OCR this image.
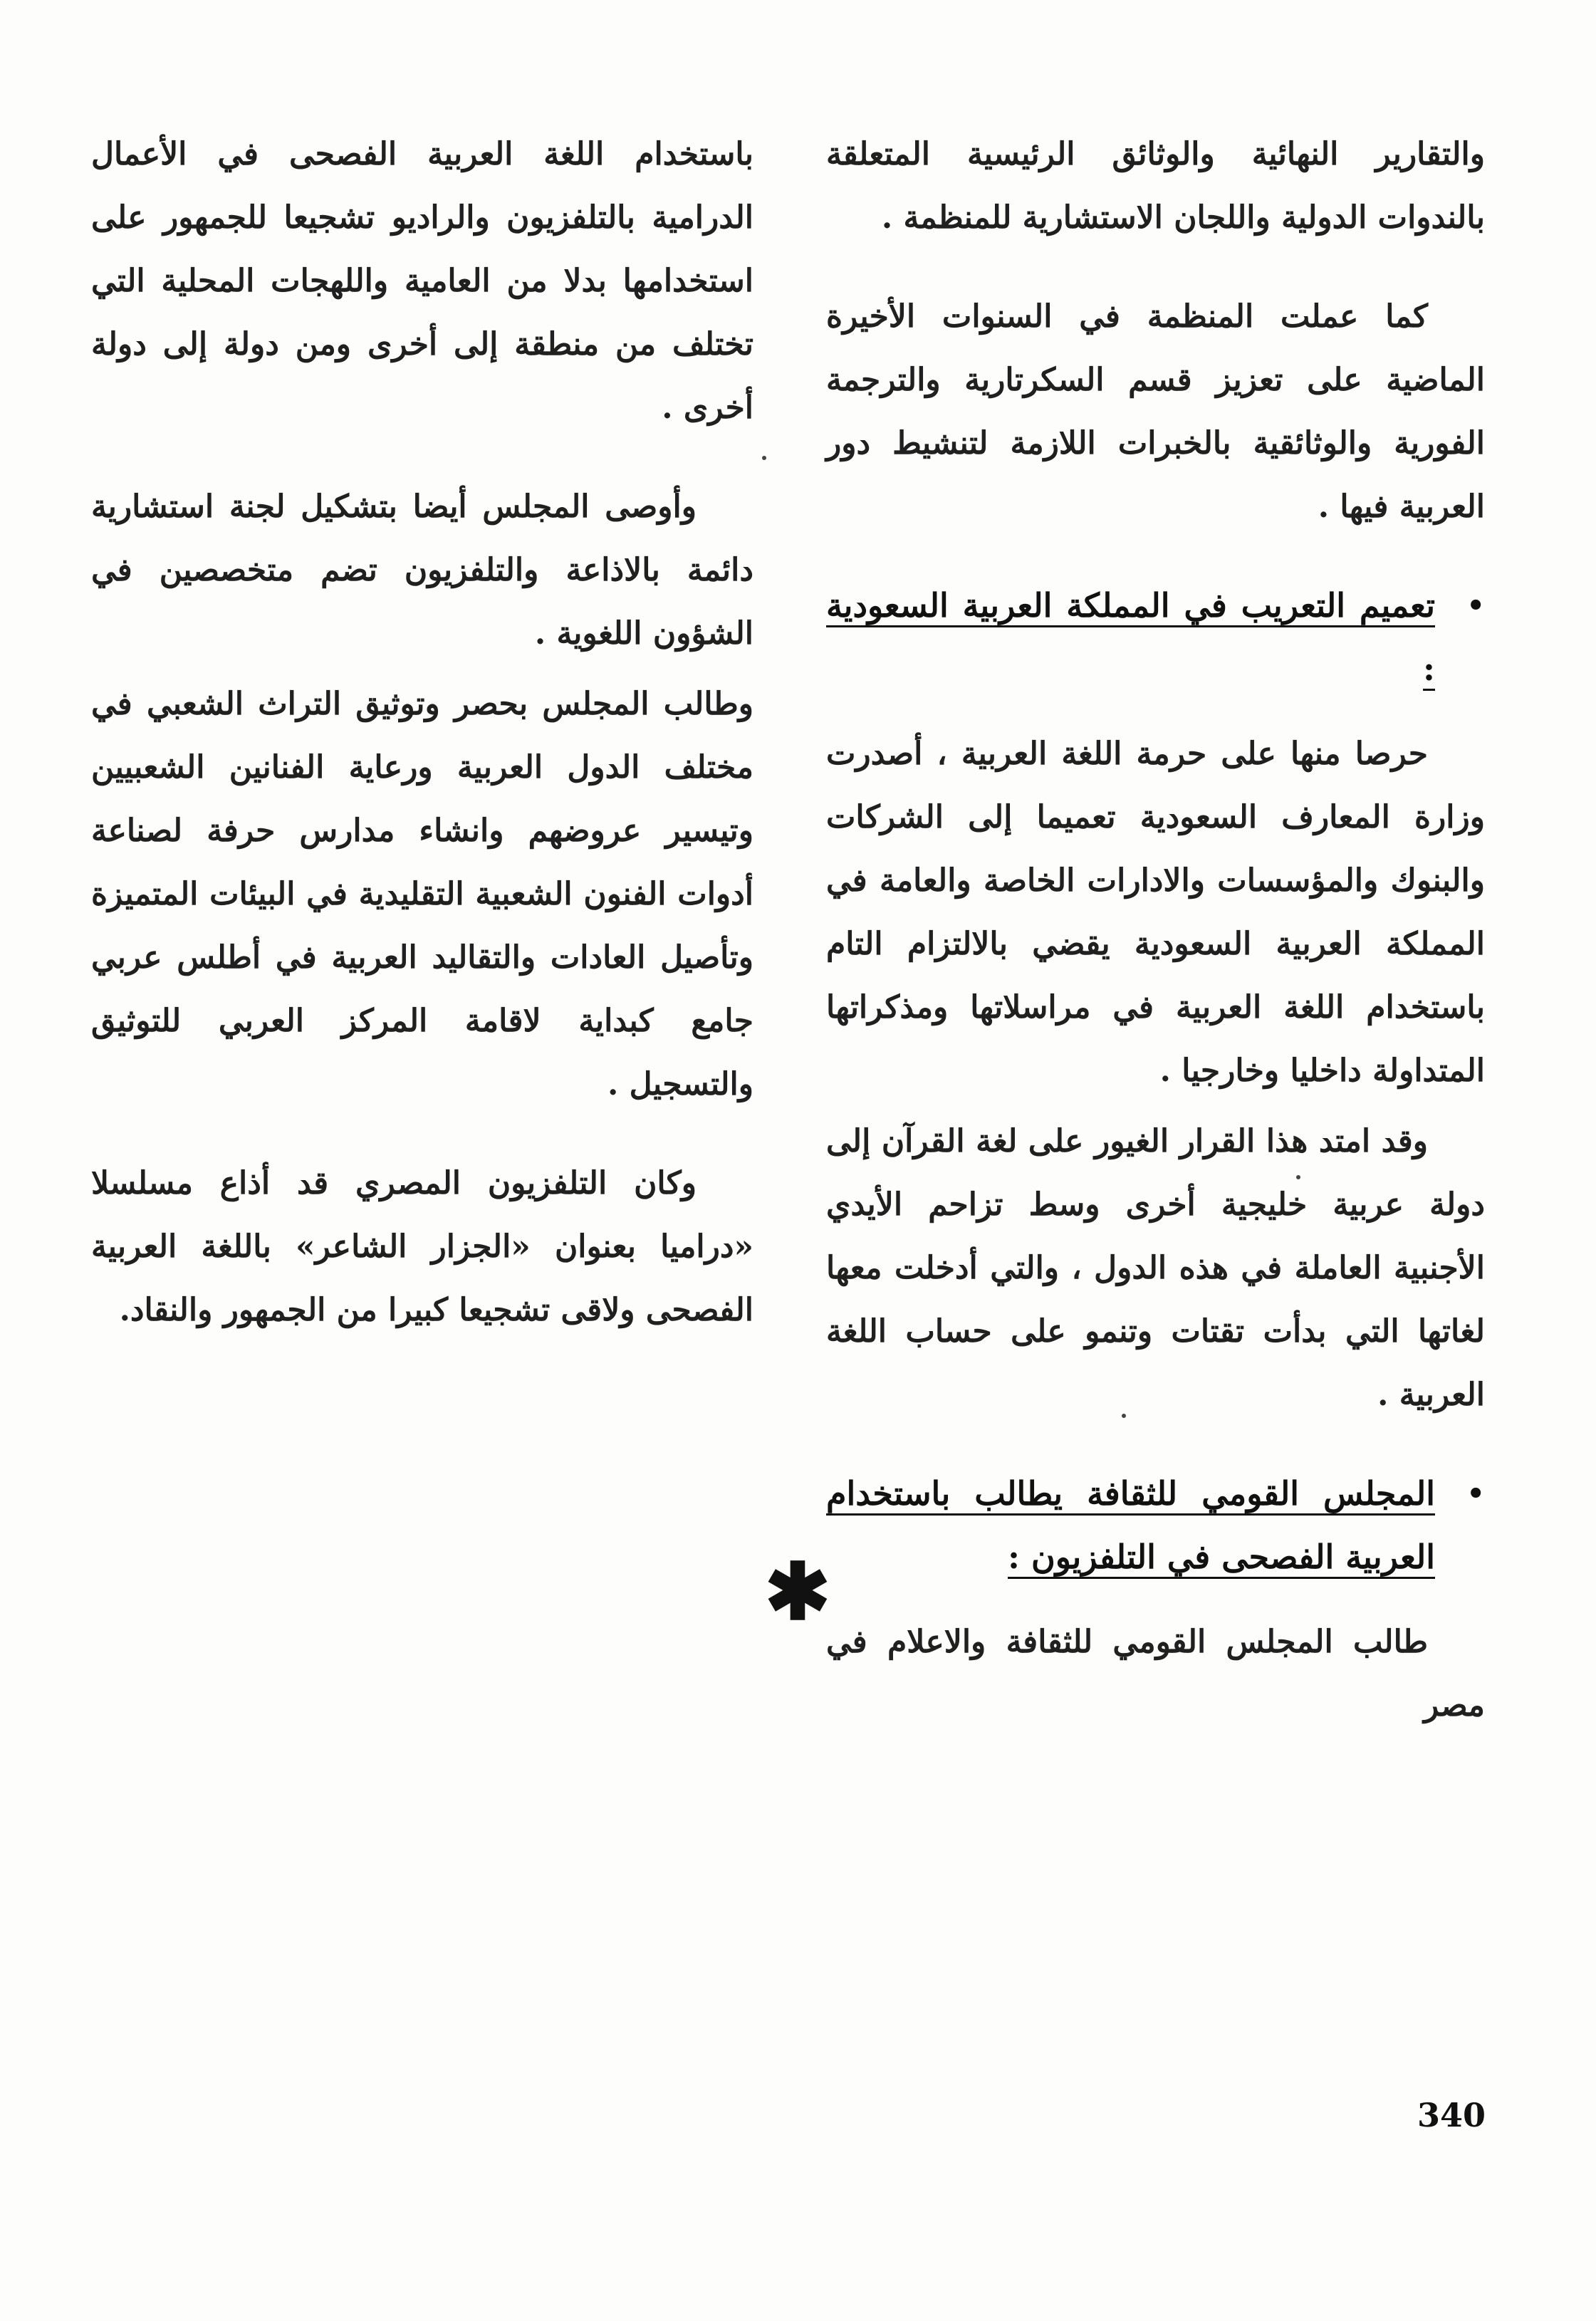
والتقارير النهائية والوثائق الرئيسية المتعلقة بالندوات الدولية واللجان الاستشارية للمنظمة .

كما عملت المنظمة في السنوات الأخيرة الماضية على تعزيز قسم السكرتارية والترجمة الفورية والوثائقية بالخبرات اللازمة لتنشيط دور العربية فيها .

•
تعميم التعريب في المملكة العربية السعودية :

حرصا منها على حرمة اللغة العربية ، أصدرت وزارة المعارف السعودية تعميما إلى الشركات والبنوك والمؤسسات والادارات الخاصة والعامة في المملكة العربية السعودية يقضي بالالتزام التام باستخدام اللغة العربية في مراسلاتها ومذكراتها المتداولة داخليا وخارجيا .

وقد امتد هذا القرار الغيور على لغة القرآن إلى دولة عربية خليجية أخرى وسط تزاحم الأيدي الأجنبية العاملة في هذه الدول ، والتي أدخلت معها لغاتها التي بدأت تقتات وتنمو على حساب اللغة العربية .

•
المجلس القومي للثقافة يطالب باستخدام العربية الفصحى في التلفزيون :

طالب المجلس القومي للثقافة والاعلام في مصر

باستخدام اللغة العربية الفصحى في الأعمال الدرامية بالتلفزيون والراديو تشجيعا للجمهور على استخدامها بدلا من العامية واللهجات المحلية التي تختلف من منطقة إلى أخرى ومن دولة إلى دولة أخرى .

وأوصى المجلس أيضا بتشكيل لجنة استشارية دائمة بالاذاعة والتلفزيون تضم متخصصين في الشؤون اللغوية .

وطالب المجلس بحصر وتوثيق التراث الشعبي في مختلف الدول العربية ورعاية الفنانين الشعبيين وتيسير عروضهم وانشاء مدارس حرفة لصناعة أدوات الفنون الشعبية التقليدية في البيئات المتميزة وتأصيل العادات والتقاليد العربية في أطلس عربي جامع كبداية لاقامة المركز العربي للتوثيق والتسجيل .

وكان التلفزيون المصري قد أذاع مسلسلا «دراميا بعنوان «الجزار الشاعر» باللغة العربية الفصحى ولاقى تشجيعا كبيرا من الجمهور والنقاد.

✱
340
